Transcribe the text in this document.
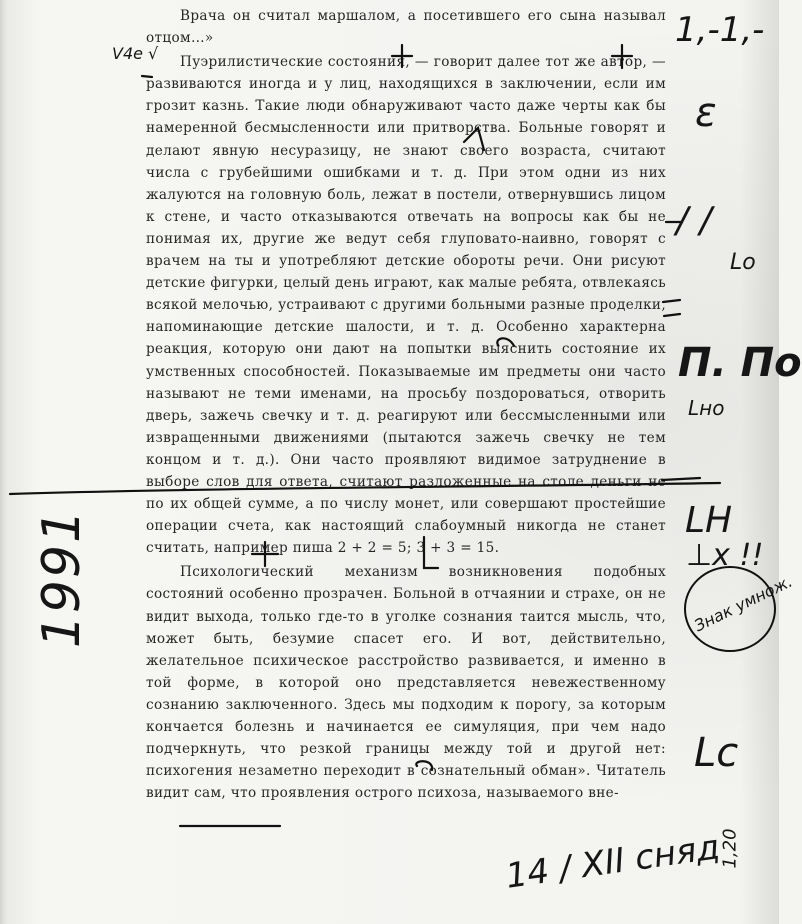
Врача он считал маршалом, а посетившего его сына называл отцом…»

Пуэрилистические состояния, — говорит далее тот же автор, — развиваются иногда и у лиц, находящихся в заключении, если им грозит казнь. Такие люди обнаруживают часто даже черты как бы намеренной бесмысленности или притворства. Больные говорят и делают явную несуразицу, не знают своего возраста, считают числа с грубейшими ошибками и т. д. При этом одни из них жалуются на головную боль, лежат в постели, отвернувшись лицом к стене, и часто отказываются отвечать на вопросы как бы не понимая их, другие же ведут себя глуповато-наивно, говорят с врачем на ты и употребляют детские обороты речи. Они рисуют детские фигурки, целый день играют, как малые ребята, отвлекаясь всякой мелочью, устраивают с другими больными разные проделки, напоминающие детские шалости, и т. д. Особенно характерна реакция, которую они дают на попытки выяснить состояние их умственных способностей. Показываемые им предметы они часто называют не теми именами, на просьбу поздороваться, отворить дверь, зажечь свечку и т. д. реагируют или бессмысленными или извращенными движениями (пытаются зажечь свечку не тем концом и т. д.). Они часто проявляют видимое затруднение в выборе слов для ответа, считают разложенные на столе деньги не по их общей сумме, а по числу монет, или совершают простейшие операции счета, как настоящий слабоумный никогда не станет считать, например пиша 2 + 2 = 5; 3 + 3 = 15.

Психологический механизм возникновения подобных состояний особенно прозрачен. Больной в отчаянии и страхе, он не видит выхода, только где-то в уголке сознания таится мысль, что, может быть, безумие спасет его. И вот, действительно, желательное психическое расстройство развивается, и именно в той форме, в которой оно представляется невежественному сознанию заключенного. Здесь мы подходим к порогу, за которым кончается болезнь и начинается ее симуляция, при чем надо подчеркнуть, что резкой границы между той и другой нет: психогения незаметно переходит в сознательный обман». Читатель видит сам, что проявления острого психоза, называемого вне-

V4e √
1,-1,-
ɛ
/ /
Lo
П. По
Lно
LH
⊥x !!
Знак умнож.
Lc
1991
14 / XII сняд
1,20
